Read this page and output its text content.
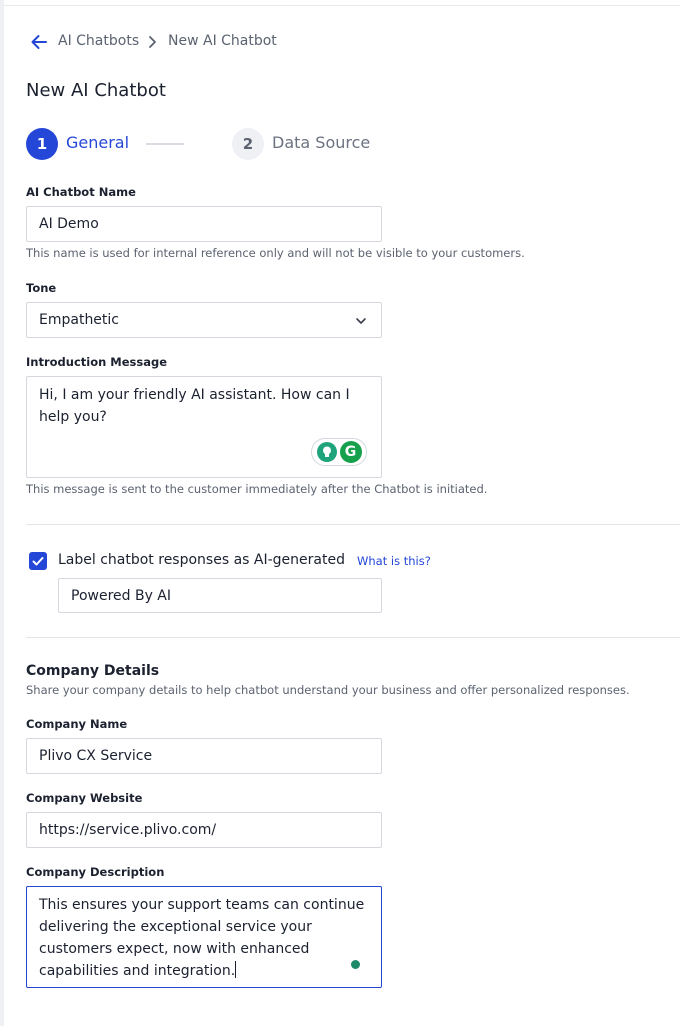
AI Chatbots New AI Chatbot
New AI Chatbot
1	General	2	Data Source
AI Chatbot Name
AI Demo
This name is used for internal reference only and will not be visible to your customers.
Tone
Empathetic
Introduction Message
Hi, I am your friendly AI assistant. How can I help you?
G
This message is sent to the customer immediately after the Chatbot is initiated.
Label chatbot responses as AI-generated What is this?
Powered By AI
Company Details

Share your company details to help chatbot understand your business and offer personalized responses.

Company Name
Plivo CX Service
Company Website
https://service.plivo.com/
Company Description
This ensures your support teams can continue delivering the exceptional service your customers expect, now with enhanced capabilities and integration.
